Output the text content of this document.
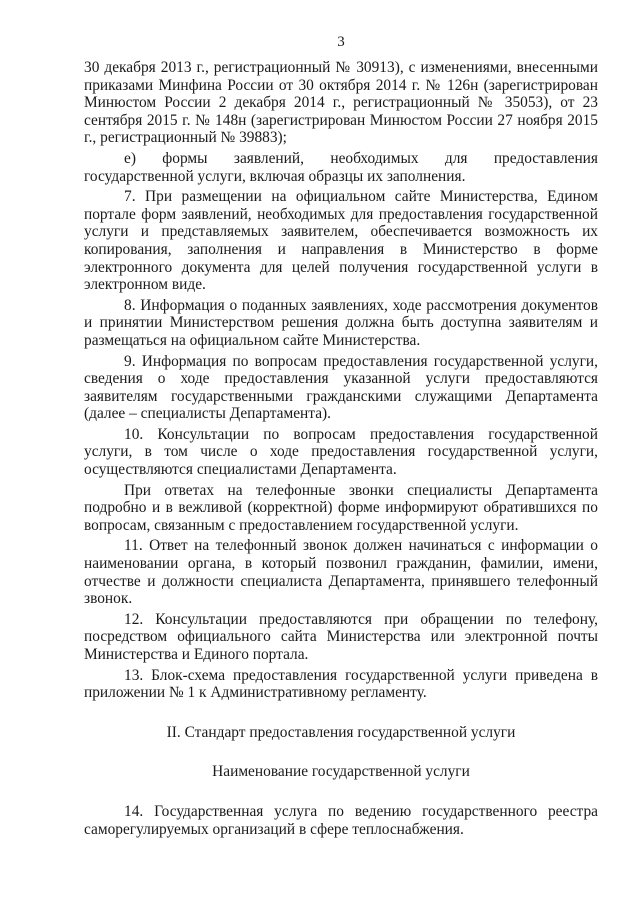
3

30 декабря 2013 г., регистрационный № 30913), с изменениями, внесенными приказами Минфина России от 30 октября 2014 г. № 126н (зарегистрирован Минюстом России 2 декабря 2014 г., регистрационный № 35053), от 23 сентября 2015 г. № 148н (зарегистрирован Минюстом России 27 ноября 2015 г., регистрационный № 39883);

е) формы заявлений, необходимых для предоставления государственной услуги, включая образцы их заполнения.

7. При размещении на официальном сайте Министерства, Едином портале форм заявлений, необходимых для предоставления государственной услуги и представляемых заявителем, обеспечивается возможность их копирования, заполнения и направления в Министерство в форме электронного документа для целей получения государственной услуги в электронном виде.

8. Информация о поданных заявлениях, ходе рассмотрения документов и принятии Министерством решения должна быть доступна заявителям и размещаться на официальном сайте Министерства.

9. Информация по вопросам предоставления государственной услуги, сведения о ходе предоставления указанной услуги предоставляются заявителям государственными гражданскими служащими Департамента (далее – специалисты Департамента).

10. Консультации по вопросам предоставления государственной услуги, в том числе о ходе предоставления государственной услуги, осуществляются специалистами Департамента.

При ответах на телефонные звонки специалисты Департамента подробно и в вежливой (корректной) форме информируют обратившихся по вопросам, связанным с предоставлением государственной услуги.

11. Ответ на телефонный звонок должен начинаться с информации о наименовании органа, в который позвонил гражданин, фамилии, имени, отчестве и должности специалиста Департамента, принявшего телефонный звонок.

12. Консультации предоставляются при обращении по телефону, посредством официального сайта Министерства или электронной почты Министерства и Единого портала.

13. Блок-схема предоставления государственной услуги приведена в приложении № 1 к Административному регламенту.

II. Стандарт предоставления государственной услуги
Наименование государственной услуги

14. Государственная услуга по ведению государственного реестра саморегулируемых организаций в сфере теплоснабжения.
